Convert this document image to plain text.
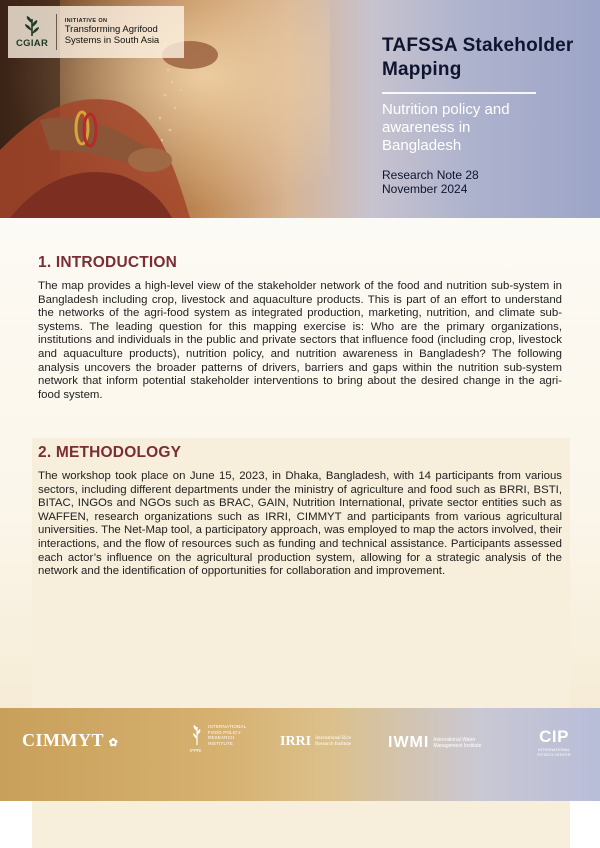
CGIAR
INITIATIVE ON
Transforming Agrifood Systems in South Asia	TAFSSA Stakeholder Mapping
Nutrition policy and awareness in Bangladesh
Research Note 28
November 2024
1. INTRODUCTION
The map provides a high-level view of the stakeholder network of the food and nutrition sub-system in Bangladesh including crop, livestock and aquaculture products. This is part of an effort to understand the networks of the agri-food system as integrated production, marketing, nutrition, and climate sub-systems. The leading question for this mapping exercise is: Who are the primary organizations, institutions and individuals in the public and private sectors that influence food (including crop, livestock and aquaculture products), nutrition policy, and nutrition awareness in Bangladesh? The following analysis uncovers the broader patterns of drivers, barriers and gaps within the nutrition sub-system network that inform potential stakeholder interventions to bring about the desired change in the agri-food system.
2. METHODOLOGY
The workshop took place on June 15, 2023, in Dhaka, Bangladesh, with 14 participants from various sectors, including different departments under the ministry of agriculture and food such as BRRI, BSTI, BITAC, INGOs and NGOs such as BRAC, GAIN, Nutrition International, private sector entities such as WAFFEN, research organizations such as IRRI, CIMMYT and participants from various agricultural universities. The Net-Map tool, a participatory approach, was employed to map the actors involved, their interactions, and the flow of resources such as funding and technical assistance. Participants assessed each actor’s influence on the agricultural production system, allowing for a strategic analysis of the network and the identification of opportunities for collaboration and improvement.
CIMMYT ✿
INTERNATIONAL FOOD POLICY RESEARCH INSTITUTE
IFPRI
IRRI International Rice Research Institute	IWMI International Water Management Institute	CIP
INTERNATIONAL POTATO CENTER
